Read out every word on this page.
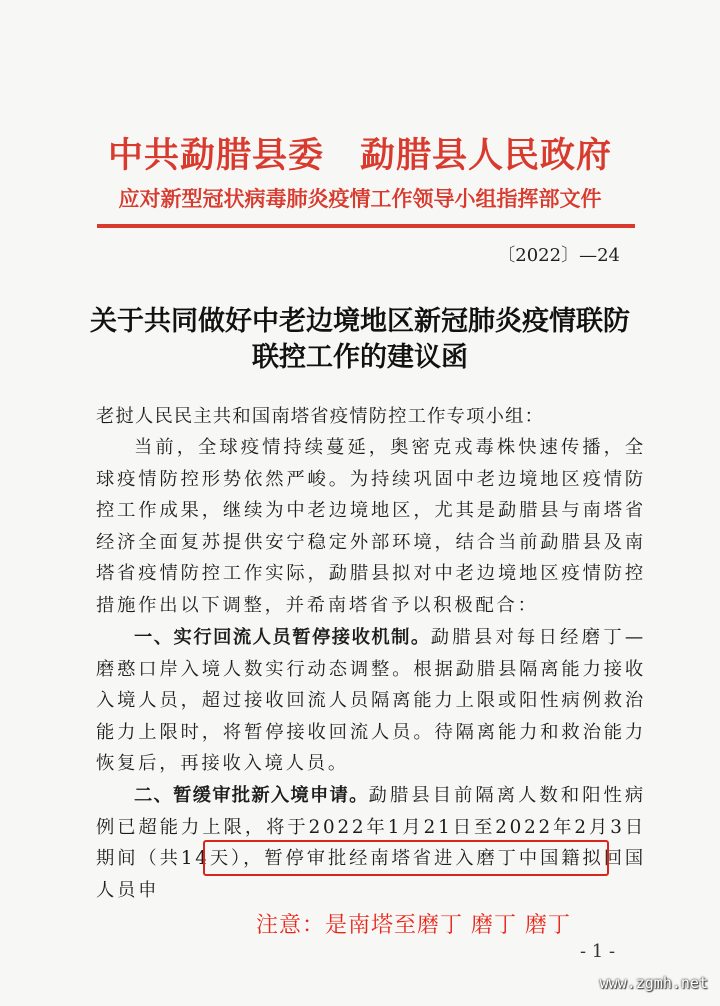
中共勐腊县委 勐腊县人民政府
应对新型冠状病毒肺炎疫情工作领导小组指挥部文件
〔2022〕—24
关于共同做好中老边境地区新冠肺炎疫情联防
联控工作的建议函
老挝人民民主共和国南塔省疫情防控工作专项小组：
当前，全球疫情持续蔓延，奥密克戎毒株快速传播，全球疫情防控形势依然严峻。为持续巩固中老边境地区疫情防控工作成果，继续为中老边境地区，尤其是勐腊县与南塔省经济全面复苏提供安宁稳定外部环境，结合当前勐腊县及南塔省疫情防控工作实际，勐腊县拟对中老边境地区疫情防控措施作出以下调整，并希南塔省予以积极配合：
一、实行回流人员暂停接收机制。勐腊县对每日经磨丁—磨憨口岸入境人数实行动态调整。根据勐腊县隔离能力接收入境人员，超过接收回流人员隔离能力上限或阳性病例救治能力上限时，将暂停接收回流人员。待隔离能力和救治能力恢复后，再接收入境人员。
二、暂缓审批新入境申请。勐腊县目前隔离人数和阳性病例已超能力上限，将于2022年1月21日至2022年2月3日期间（共14天），暂停审批经南塔省进入磨丁中国籍拟回国人员申
注意：是南塔至磨丁 磨丁 磨丁
- 1 -
www.zgmh.net
